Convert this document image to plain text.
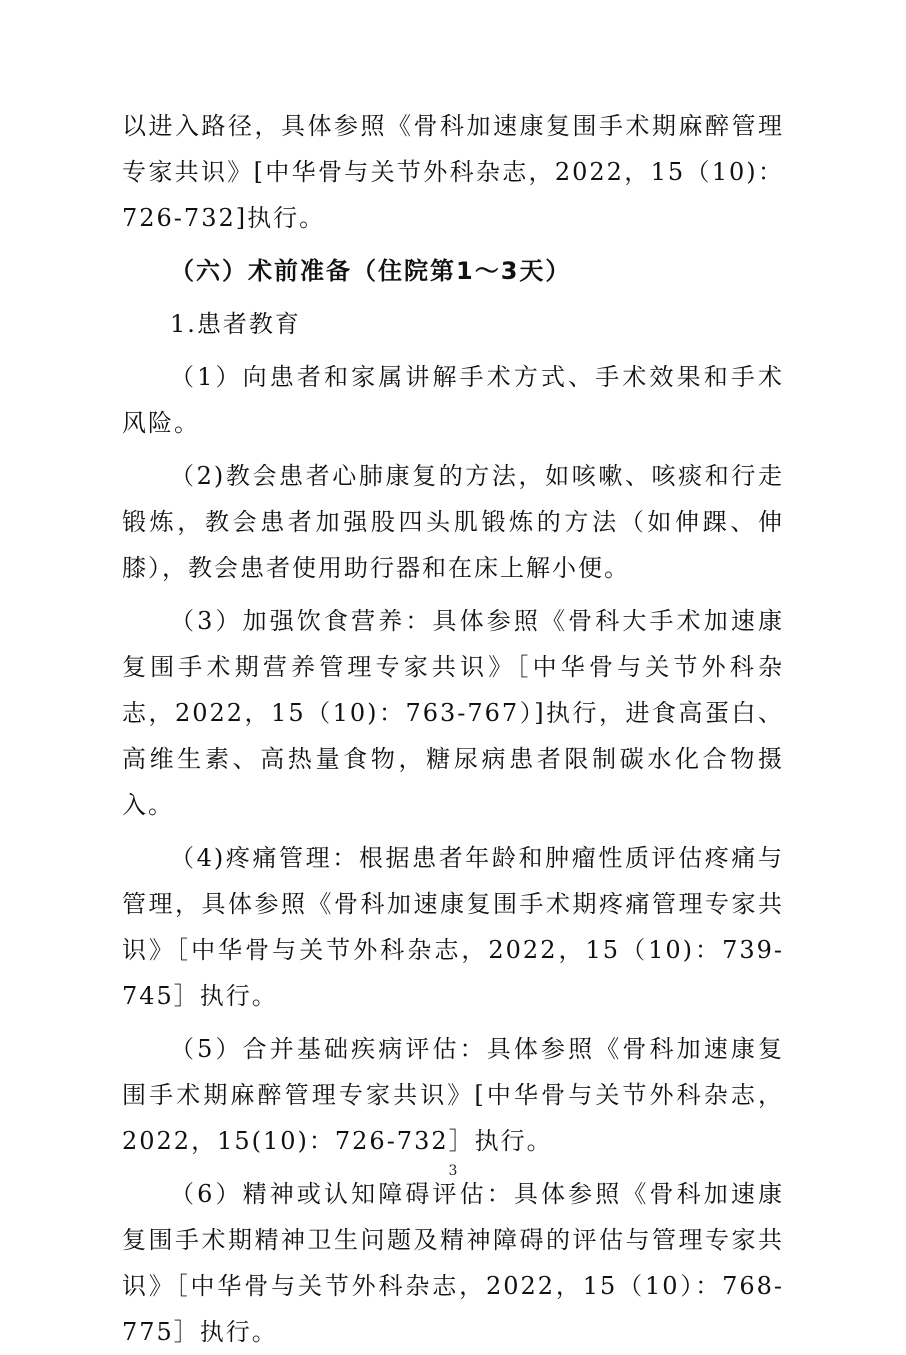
以进入路径，具体参照《骨科加速康复围手术期麻醉管理专家共识》[中华骨与关节外科杂志，2022，15（10)：726-732]执行。

（六）术前准备（住院第1～3天）

1.患者教育

（1）向患者和家属讲解手术方式、手术效果和手术风险。

（2)教会患者心肺康复的方法，如咳嗽、咳痰和行走锻炼，教会患者加强股四头肌锻炼的方法（如伸踝、伸膝），教会患者使用助行器和在床上解小便。

（3）加强饮食营养：具体参照《骨科大手术加速康复围手术期营养管理专家共识》［中华骨与关节外科杂志，2022，15（10)：763-767）]执行，进食高蛋白、高维生素、高热量食物，糖尿病患者限制碳水化合物摄入。

（4)疼痛管理：根据患者年龄和肿瘤性质评估疼痛与管理，具体参照《骨科加速康复围手术期疼痛管理专家共识》［中华骨与关节外科杂志，2022，15（10)：739-745］执行。

（5）合并基础疾病评估：具体参照《骨科加速康复围手术期麻醉管理专家共识》[中华骨与关节外科杂志，2022，15(10)：726-732］执行。

（6）精神或认知障碍评估：具体参照《骨科加速康复围手术期精神卫生问题及精神障碍的评估与管理专家共识》［中华骨与关节外科杂志，2022，15（10）：768-775］执行。

3
